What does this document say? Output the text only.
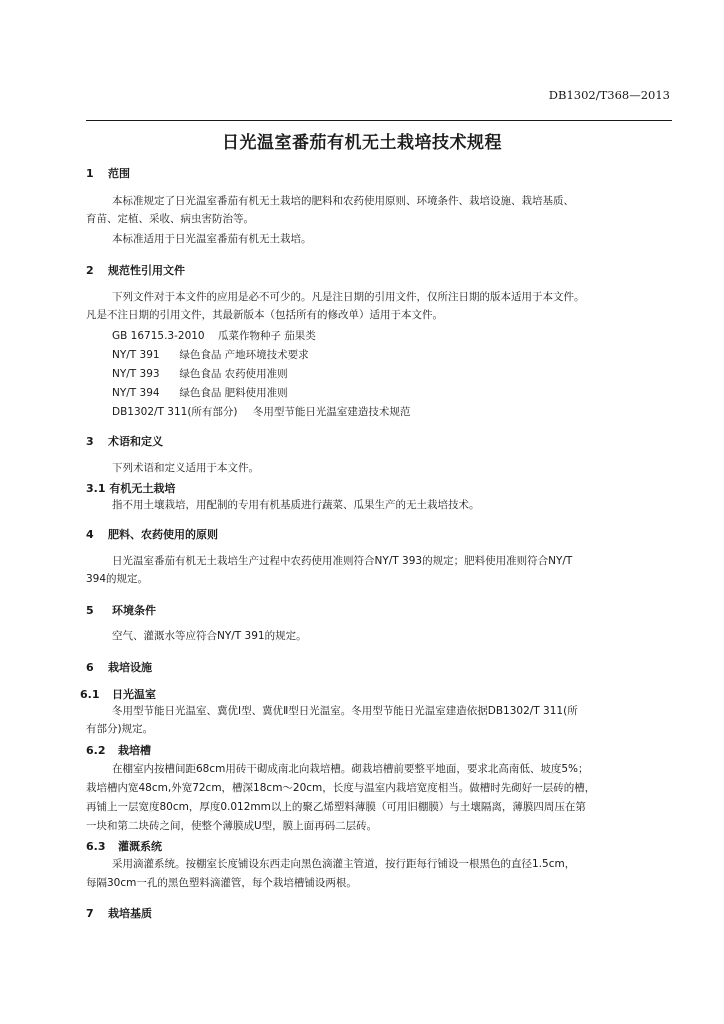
DB1302/T368—2013
日光温室番茄有机无土栽培技术规程
1 范围
本标准规定了日光温室番茄有机无土栽培的肥料和农药使用原则、环境条件、栽培设施、栽培基质、
育苗、定植、采收、病虫害防治等。
本标准适用于日光温室番茄有机无土栽培。
2 规范性引用文件
下列文件对于本文件的应用是必不可少的。凡是注日期的引用文件，仅所注日期的版本适用于本文件。
凡是不注日期的引用文件，其最新版本（包括所有的修改单）适用于本文件。
GB 16715.3-2010 瓜菜作物种子 茄果类
NY/T 391 绿色食品 产地环境技术要求
NY/T 393 绿色食品 农药使用准则
NY/T 394 绿色食品 肥料使用准则
DB1302/T 311(所有部分) 冬用型节能日光温室建造技术规范
3 术语和定义
下列术语和定义适用于本文件。
3.1 有机无土栽培
指不用土壤栽培，用配制的专用有机基质进行蔬菜、瓜果生产的无土栽培技术。
4 肥料、农药使用的原则
日光温室番茄有机无土栽培生产过程中农药使用准则符合NY/T 393的规定；肥料使用准则符合NY/T
394的规定。
5 环境条件
空气、灌溉水等应符合NY/T 391的规定。
6 栽培设施
6.1 日光温室
冬用型节能日光温室、冀优Ⅰ型、冀优Ⅱ型日光温室。冬用型节能日光温室建造依据DB1302/T 311(所
有部分)规定。
6.2 栽培槽
在棚室内按槽间距68cm用砖干砌成南北向栽培槽。砌栽培槽前要整平地面，要求北高南低、坡度5%；
栽培槽内宽48cm,外宽72cm，槽深18cm～20cm，长度与温室内栽培宽度相当。做槽时先砌好一层砖的槽，
再铺上一层宽度80cm，厚度0.012mm以上的聚乙烯塑料薄膜（可用旧棚膜）与土壤隔离，薄膜四周压在第
一块和第二块砖之间，使整个薄膜成U型，膜上面再码二层砖。
6.3 灌溉系统
采用滴灌系统。按棚室长度铺设东西走向黑色滴灌主管道，按行距每行铺设一根黑色的直径1.5cm，
每隔30cm一孔的黑色塑料滴灌管，每个栽培槽铺设两根。
7 栽培基质
